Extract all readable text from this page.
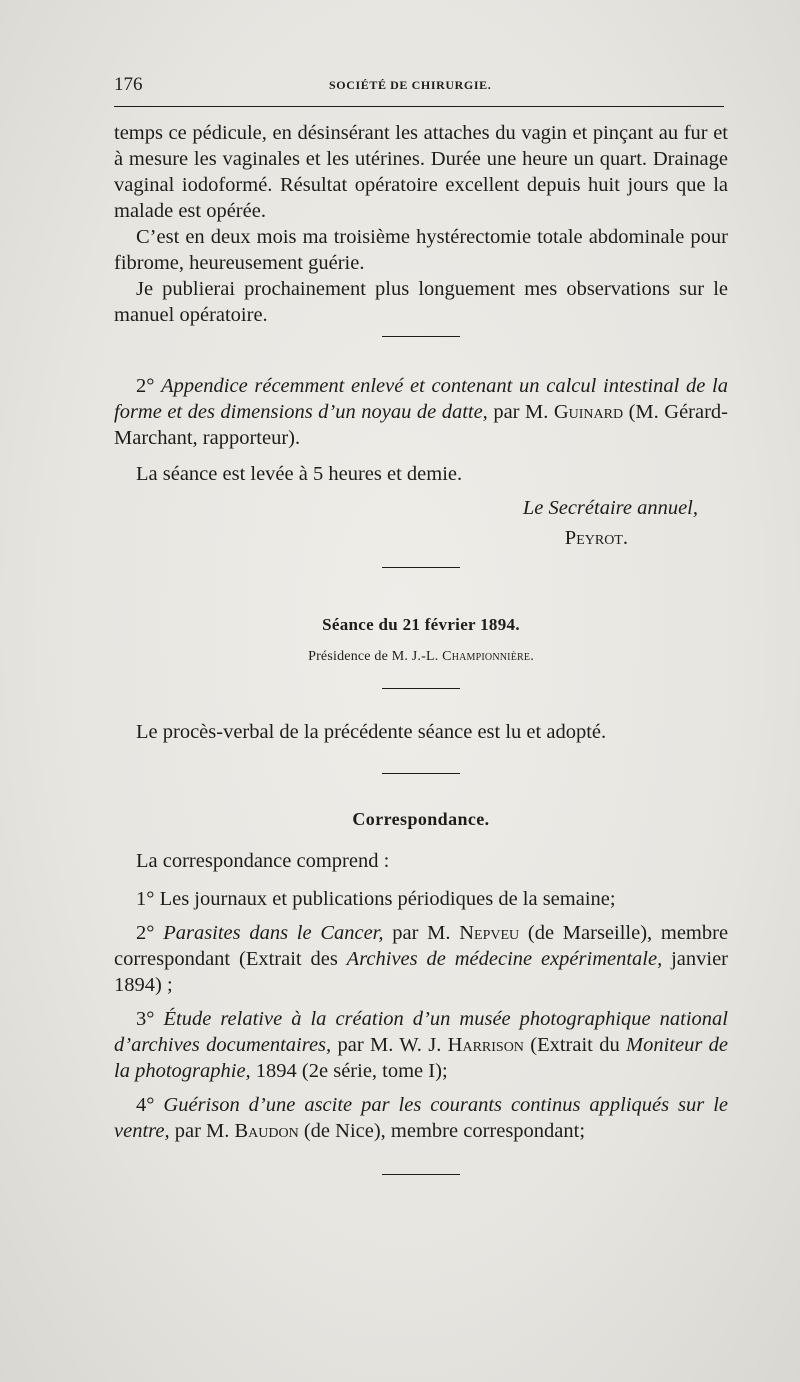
176	SOCIÉTÉ DE CHIRURGIE.

temps ce pédicule, en désinsérant les attaches du vagin et pinçant au fur et à mesure les vaginales et les utérines. Durée une heure un quart. Drainage vaginal iodoformé. Résultat opératoire excellent depuis huit jours que la malade est opérée.

C’est en deux mois ma troisième hystérectomie totale abdominale pour fibrome, heureusement guérie.

Je publierai prochainement plus longuement mes observations sur le manuel opératoire.

2° Appendice récemment enlevé et contenant un calcul intestinal de la forme et des dimensions d’un noyau de datte, par M. Guinard (M. Gérard-Marchant, rapporteur).

La séance est levée à 5 heures et demie.

Le Secrétaire annuel,

Peyrot.

Séance du 21 février 1894.

Présidence de M. J.-L. Championnière.

Le procès-verbal de la précédente séance est lu et adopté.

Correspondance.

La correspondance comprend :

1° Les journaux et publications périodiques de la semaine;

2° Parasites dans le Cancer, par M. Nepveu (de Marseille), membre correspondant (Extrait des Archives de médecine expérimentale, janvier 1894) ;

3° Étude relative à la création d’un musée photographique national d’archives documentaires, par M. W. J. Harrison (Extrait du Moniteur de la photographie, 1894 (2e série, tome I);

4° Guérison d’une ascite par les courants continus appliqués sur le ventre, par M. Baudon (de Nice), membre correspondant;
